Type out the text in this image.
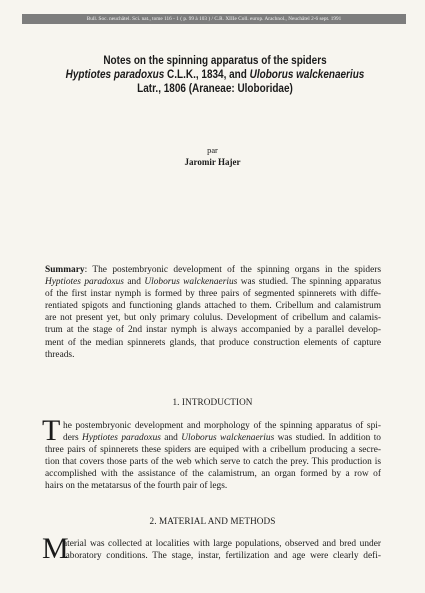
Bull. Soc. neuchâtel. Sci. nat., tome 116 - 1 ( p. 99 à 103 ) / C.R. XIIIe Coll. europ. Arachnol., Neuchâtel 2-6 sept. 1991
Notes on the spinning apparatus of the spiders
Hyptiotes paradoxus C.L.K., 1834, and Uloborus walckenaerius
Latr., 1806 (Araneae: Uloboridae)
par
Jaromir Hajer
Summary: The postembryonic development of the spinning organs in the spiders
Hyptiotes paradoxus and Uloborus walckenaerius was studied. The spinning apparatus
of the first instar nymph is formed by three pairs of segmented spinnerets with diffe-
rentiated spigots and functioning glands attached to them. Cribellum and calamistrum
are not present yet, but only primary colulus. Development of cribellum and calamis-
trum at the stage of 2nd instar nymph is always accompanied by a parallel develop-
ment of the median spinnerets glands, that produce construction elements of capture
threads.
1. INTRODUCTION
T he postembryonic development and morphology of the spinning apparatus of spi-
ders Hyptiotes paradoxus and Uloborus walckenaerius was studied. In addition to
three pairs of spinnerets these spiders are equiped with a cribellum producing a secre-
tion that covers those parts of the web which serve to catch the prey. This production is
accomplished with the assistance of the calamistrum, an organ formed by a row of
hairs on the metatarsus of the fourth pair of legs.
2. MATERIAL AND METHODS
M
aterial was collected at localities with large populations, observed and bred under
laboratory conditions. The stage, instar, fertilization and age were clearly defi-
